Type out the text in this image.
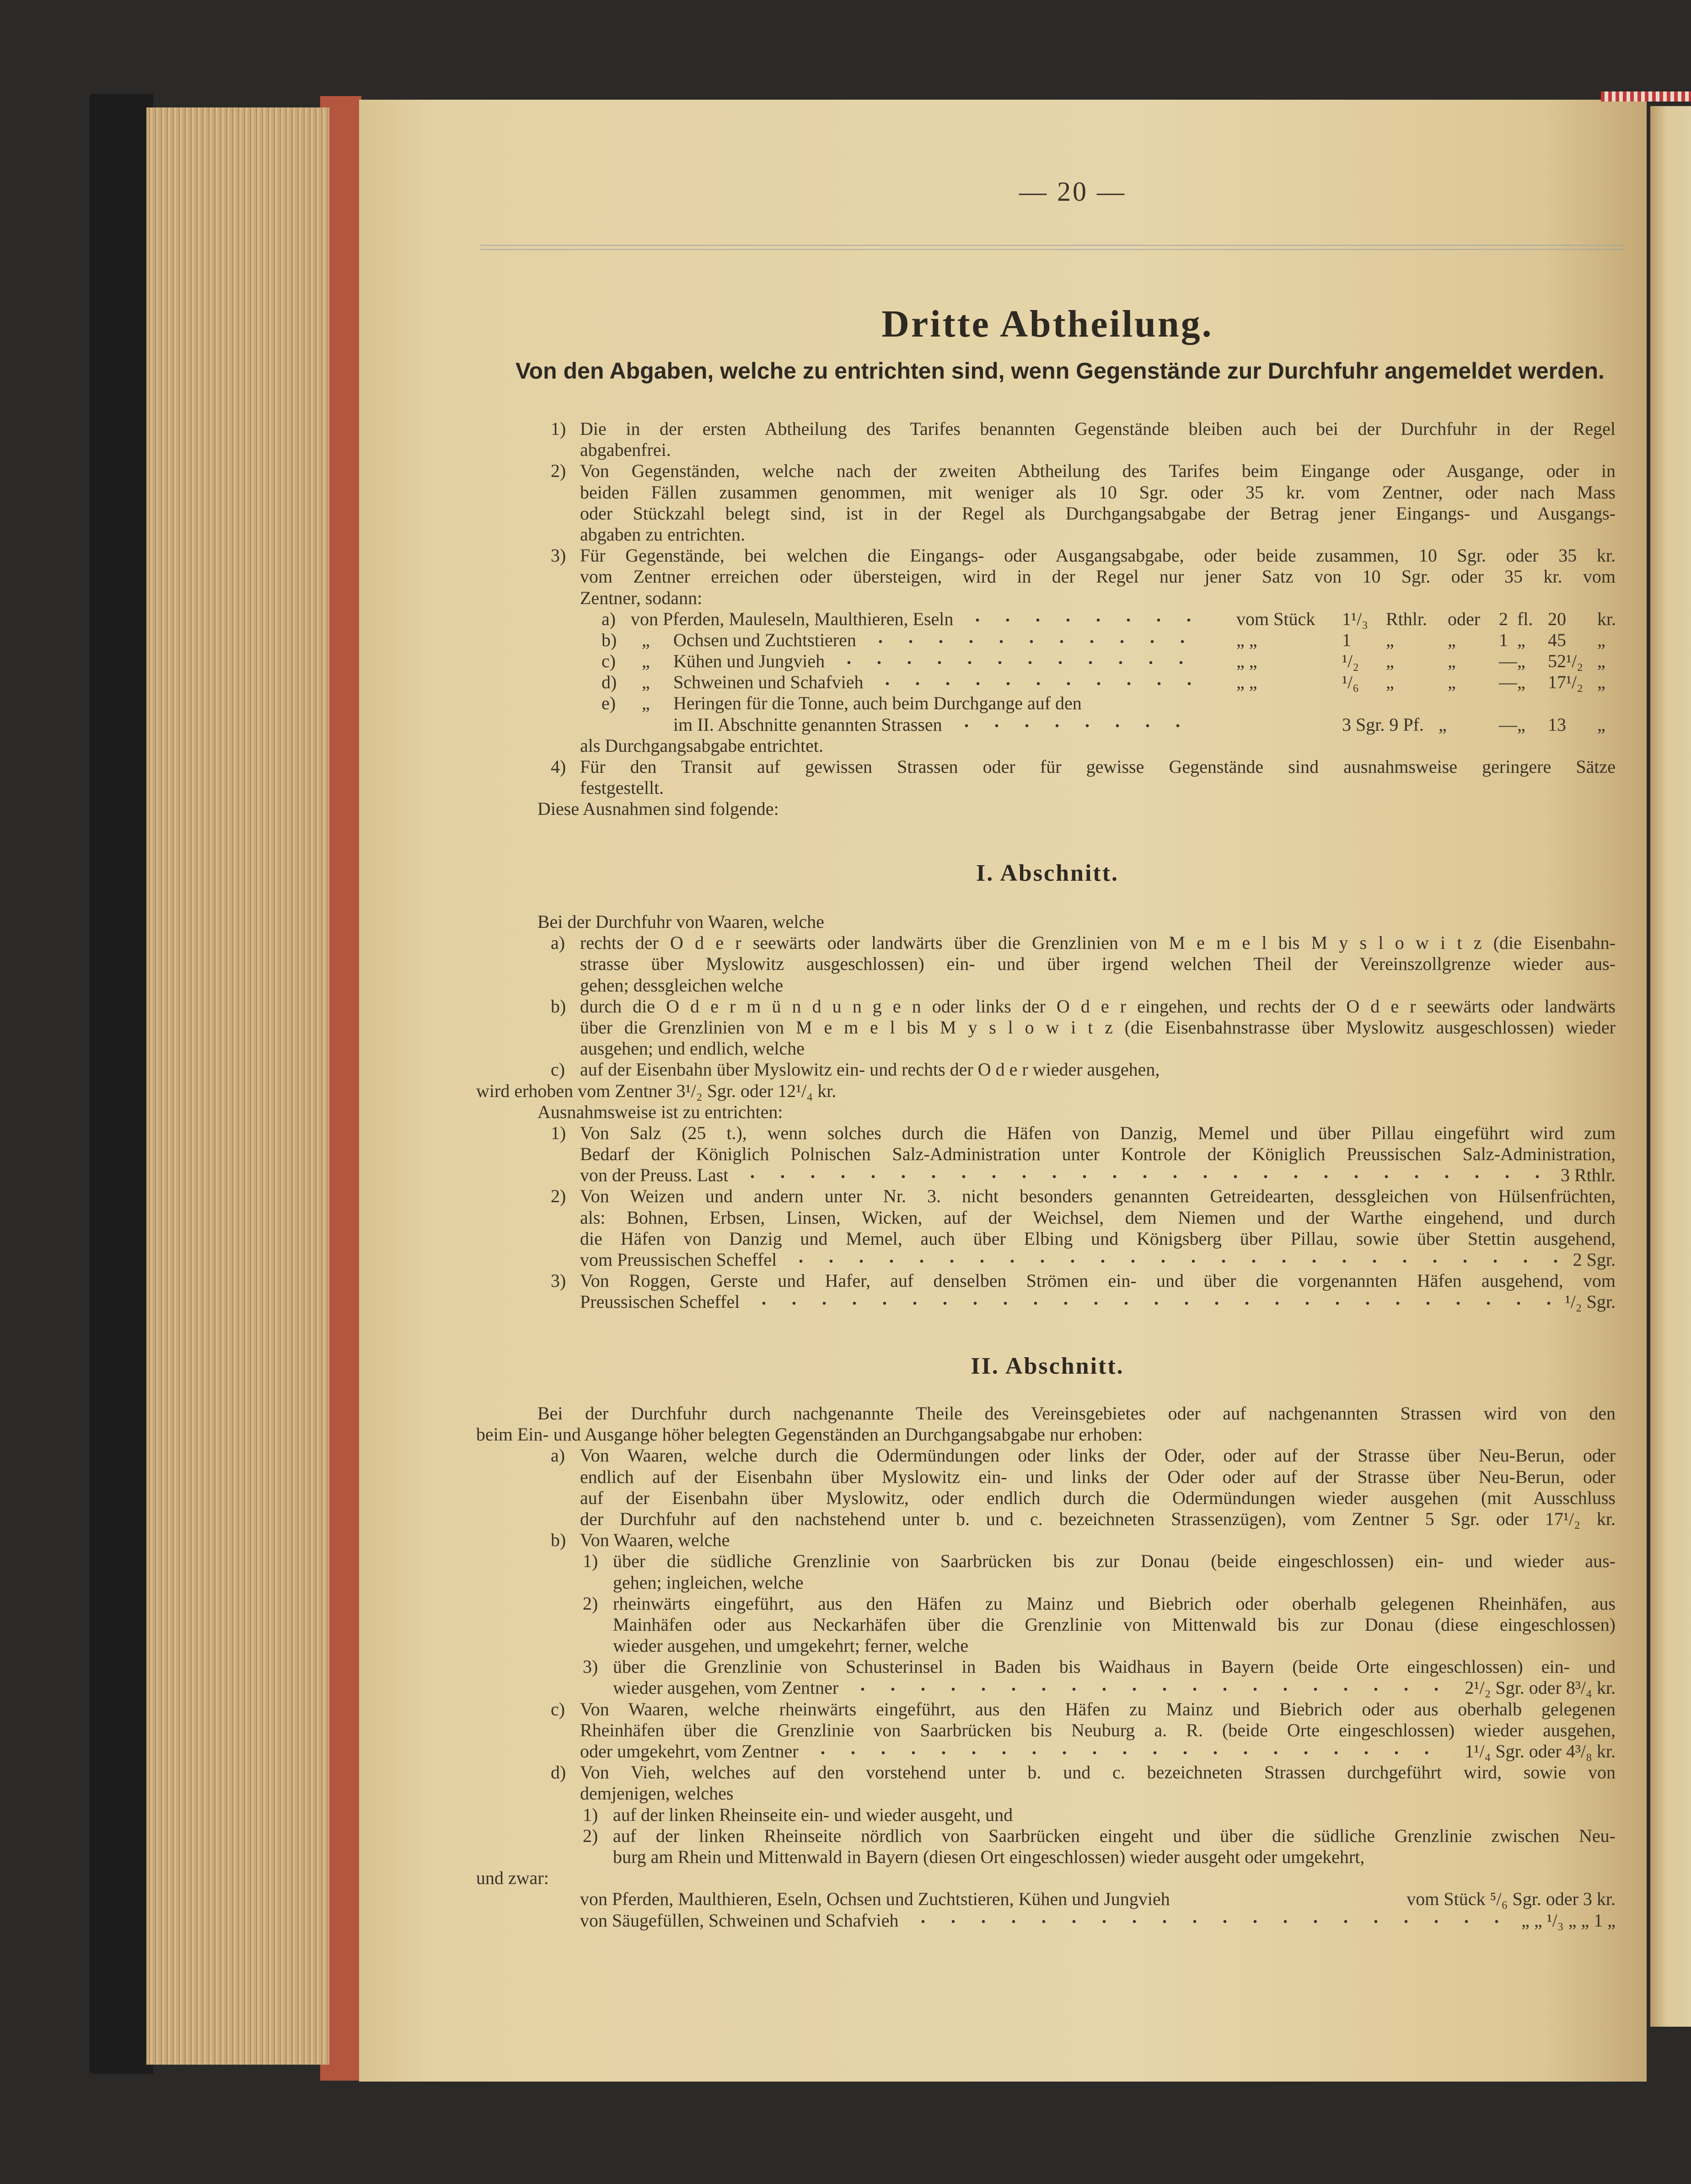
— 20 —
Dritte Abtheilung.
Von den Abgaben, welche zu entrichten sind, wenn Gegenstände zur Durchfuhr angemeldet werden.
1) Die in der ersten Abtheilung des Tarifes benannten Gegenstände bleiben auch bei der Durchfuhr in der Regel
abgabenfrei.
2) Von Gegenständen, welche nach der zweiten Abtheilung des Tarifes beim Eingange oder Ausgange, oder in
beiden Fällen zusammen genommen, mit weniger als 10 Sgr. oder 35 kr. vom Zentner, oder nach Mass
oder Stückzahl belegt sind, ist in der Regel als Durchgangsabgabe der Betrag jener Eingangs- und Ausgangs-
abgaben zu entrichten.
3) Für Gegenstände, bei welchen die Eingangs- oder Ausgangsabgabe, oder beide zusammen, 10 Sgr. oder 35 kr.
vom Zentner erreichen oder übersteigen, wird in der Regel nur jener Satz von 10 Sgr. oder 35 kr. vom
Zentner, sodann:
a) von Pferden, Mauleseln, Maulthieren, Eseln	vom Stück 1¹/₃ Rthlr. oder 2 fl. 20 kr.
b) „ Ochsen und Zuchtstieren	„ „	1 „	„ 1 „ 45 „
c) „ Kühen und Jungvieh	„ „	¹/₂ „	„ — „ 52¹/₂ „
d) „ Schweinen und Schafvieh	„ „	¹/₆ „	„ — „ 17¹/₂ „
e) „ Heringen für die Tonne, auch beim Durchgange auf den
im II. Abschnitte genannten Strassen	3 Sgr. 9 Pf. „	— „ 13 „
als Durchgangsabgabe entrichtet.
4) Für den Transit auf gewissen Strassen oder für gewisse Gegenstände sind ausnahmsweise geringere Sätze
festgestellt.
Diese Ausnahmen sind folgende:
I. Abschnitt.
Bei der Durchfuhr von Waaren, welche
a) rechts der O d e r seewärts oder landwärts über die Grenzlinien von M e m e l bis M y s l o w i t z (die Eisenbahn-
strasse über Myslowitz ausgeschlossen) ein- und über irgend welchen Theil der Vereinszollgrenze wieder aus-
gehen; dessgleichen welche
b) durch die O d e r m ü n d u n g e n oder links der O d e r eingehen, und rechts der O d e r seewärts oder landwärts
über die Grenzlinien von M e m e l bis M y s l o w i t z (die Eisenbahnstrasse über Myslowitz ausgeschlossen) wieder
ausgehen; und endlich, welche
c) auf der Eisenbahn über Myslowitz ein- und rechts der O d e r wieder ausgehen,
wird erhoben vom Zentner 3¹/₂ Sgr. oder 12¹/₄ kr.
Ausnahmsweise ist zu entrichten:
1) Von Salz (25 t.), wenn solches durch die Häfen von Danzig, Memel und über Pillau eingeführt wird zum
Bedarf der Königlich Polnischen Salz-Administration unter Kontrole der Königlich Preussischen Salz-Administration,
von der Preuss. Last	3 Rthlr.
2) Von Weizen und andern unter Nr. 3. nicht besonders genannten Getreidearten, dessgleichen von Hülsenfrüchten,
als: Bohnen, Erbsen, Linsen, Wicken, auf der Weichsel, dem Niemen und der Warthe eingehend, und durch
die Häfen von Danzig und Memel, auch über Elbing und Königsberg über Pillau, sowie über Stettin ausgehend,
vom Preussischen Scheffel	2 Sgr.
3) Von Roggen, Gerste und Hafer, auf denselben Strömen ein- und über die vorgenannten Häfen ausgehend, vom
Preussischen Scheffel	¹/₂ Sgr.
II. Abschnitt.
Bei der Durchfuhr durch nachgenannte Theile des Vereinsgebietes oder auf nachgenannten Strassen wird von den
beim Ein- und Ausgange höher belegten Gegenständen an Durchgangsabgabe nur erhoben:
a) Von Waaren, welche durch die Odermündungen oder links der Oder, oder auf der Strasse über Neu-Berun, oder
endlich auf der Eisenbahn über Myslowitz ein- und links der Oder oder auf der Strasse über Neu-Berun, oder
auf der Eisenbahn über Myslowitz, oder endlich durch die Odermündungen wieder ausgehen (mit Ausschluss
der Durchfuhr auf den nachstehend unter b. und c. bezeichneten Strassenzügen), vom Zentner 5 Sgr. oder 17¹/₂ kr.
b) Von Waaren, welche
1) über die südliche Grenzlinie von Saarbrücken bis zur Donau (beide eingeschlossen) ein- und wieder aus-
gehen; ingleichen, welche
2) rheinwärts eingeführt, aus den Häfen zu Mainz und Biebrich oder oberhalb gelegenen Rheinhäfen, aus
Mainhäfen oder aus Neckarhäfen über die Grenzlinie von Mittenwald bis zur Donau (diese eingeschlossen)
wieder ausgehen, und umgekehrt; ferner, welche
3) über die Grenzlinie von Schusterinsel in Baden bis Waidhaus in Bayern (beide Orte eingeschlossen) ein- und
wieder ausgehen, vom Zentner	2¹/₂ Sgr. oder 8³/₄ kr.
c) Von Waaren, welche rheinwärts eingeführt, aus den Häfen zu Mainz und Biebrich oder aus oberhalb gelegenen
Rheinhäfen über die Grenzlinie von Saarbrücken bis Neuburg a. R. (beide Orte eingeschlossen) wieder ausgehen,
oder umgekehrt, vom Zentner	1¹/₄ Sgr. oder 4³/₈ kr.
d) Von Vieh, welches auf den vorstehend unter b. und c. bezeichneten Strassen durchgeführt wird, sowie von
demjenigen, welches
1) auf der linken Rheinseite ein- und wieder ausgeht, und
2) auf der linken Rheinseite nördlich von Saarbrücken eingeht und über die südliche Grenzlinie zwischen Neu-
burg am Rhein und Mittenwald in Bayern (diesen Ort eingeschlossen) wieder ausgeht oder umgekehrt,
und zwar:
von Pferden, Maulthieren, Eseln, Ochsen und Zuchtstieren, Kühen und Jungvieh	vom Stück ⁵/₆ Sgr. oder 3 kr.
von Säugefüllen, Schweinen und Schafvieh	„ „ ¹/₃ „ „ 1 „
